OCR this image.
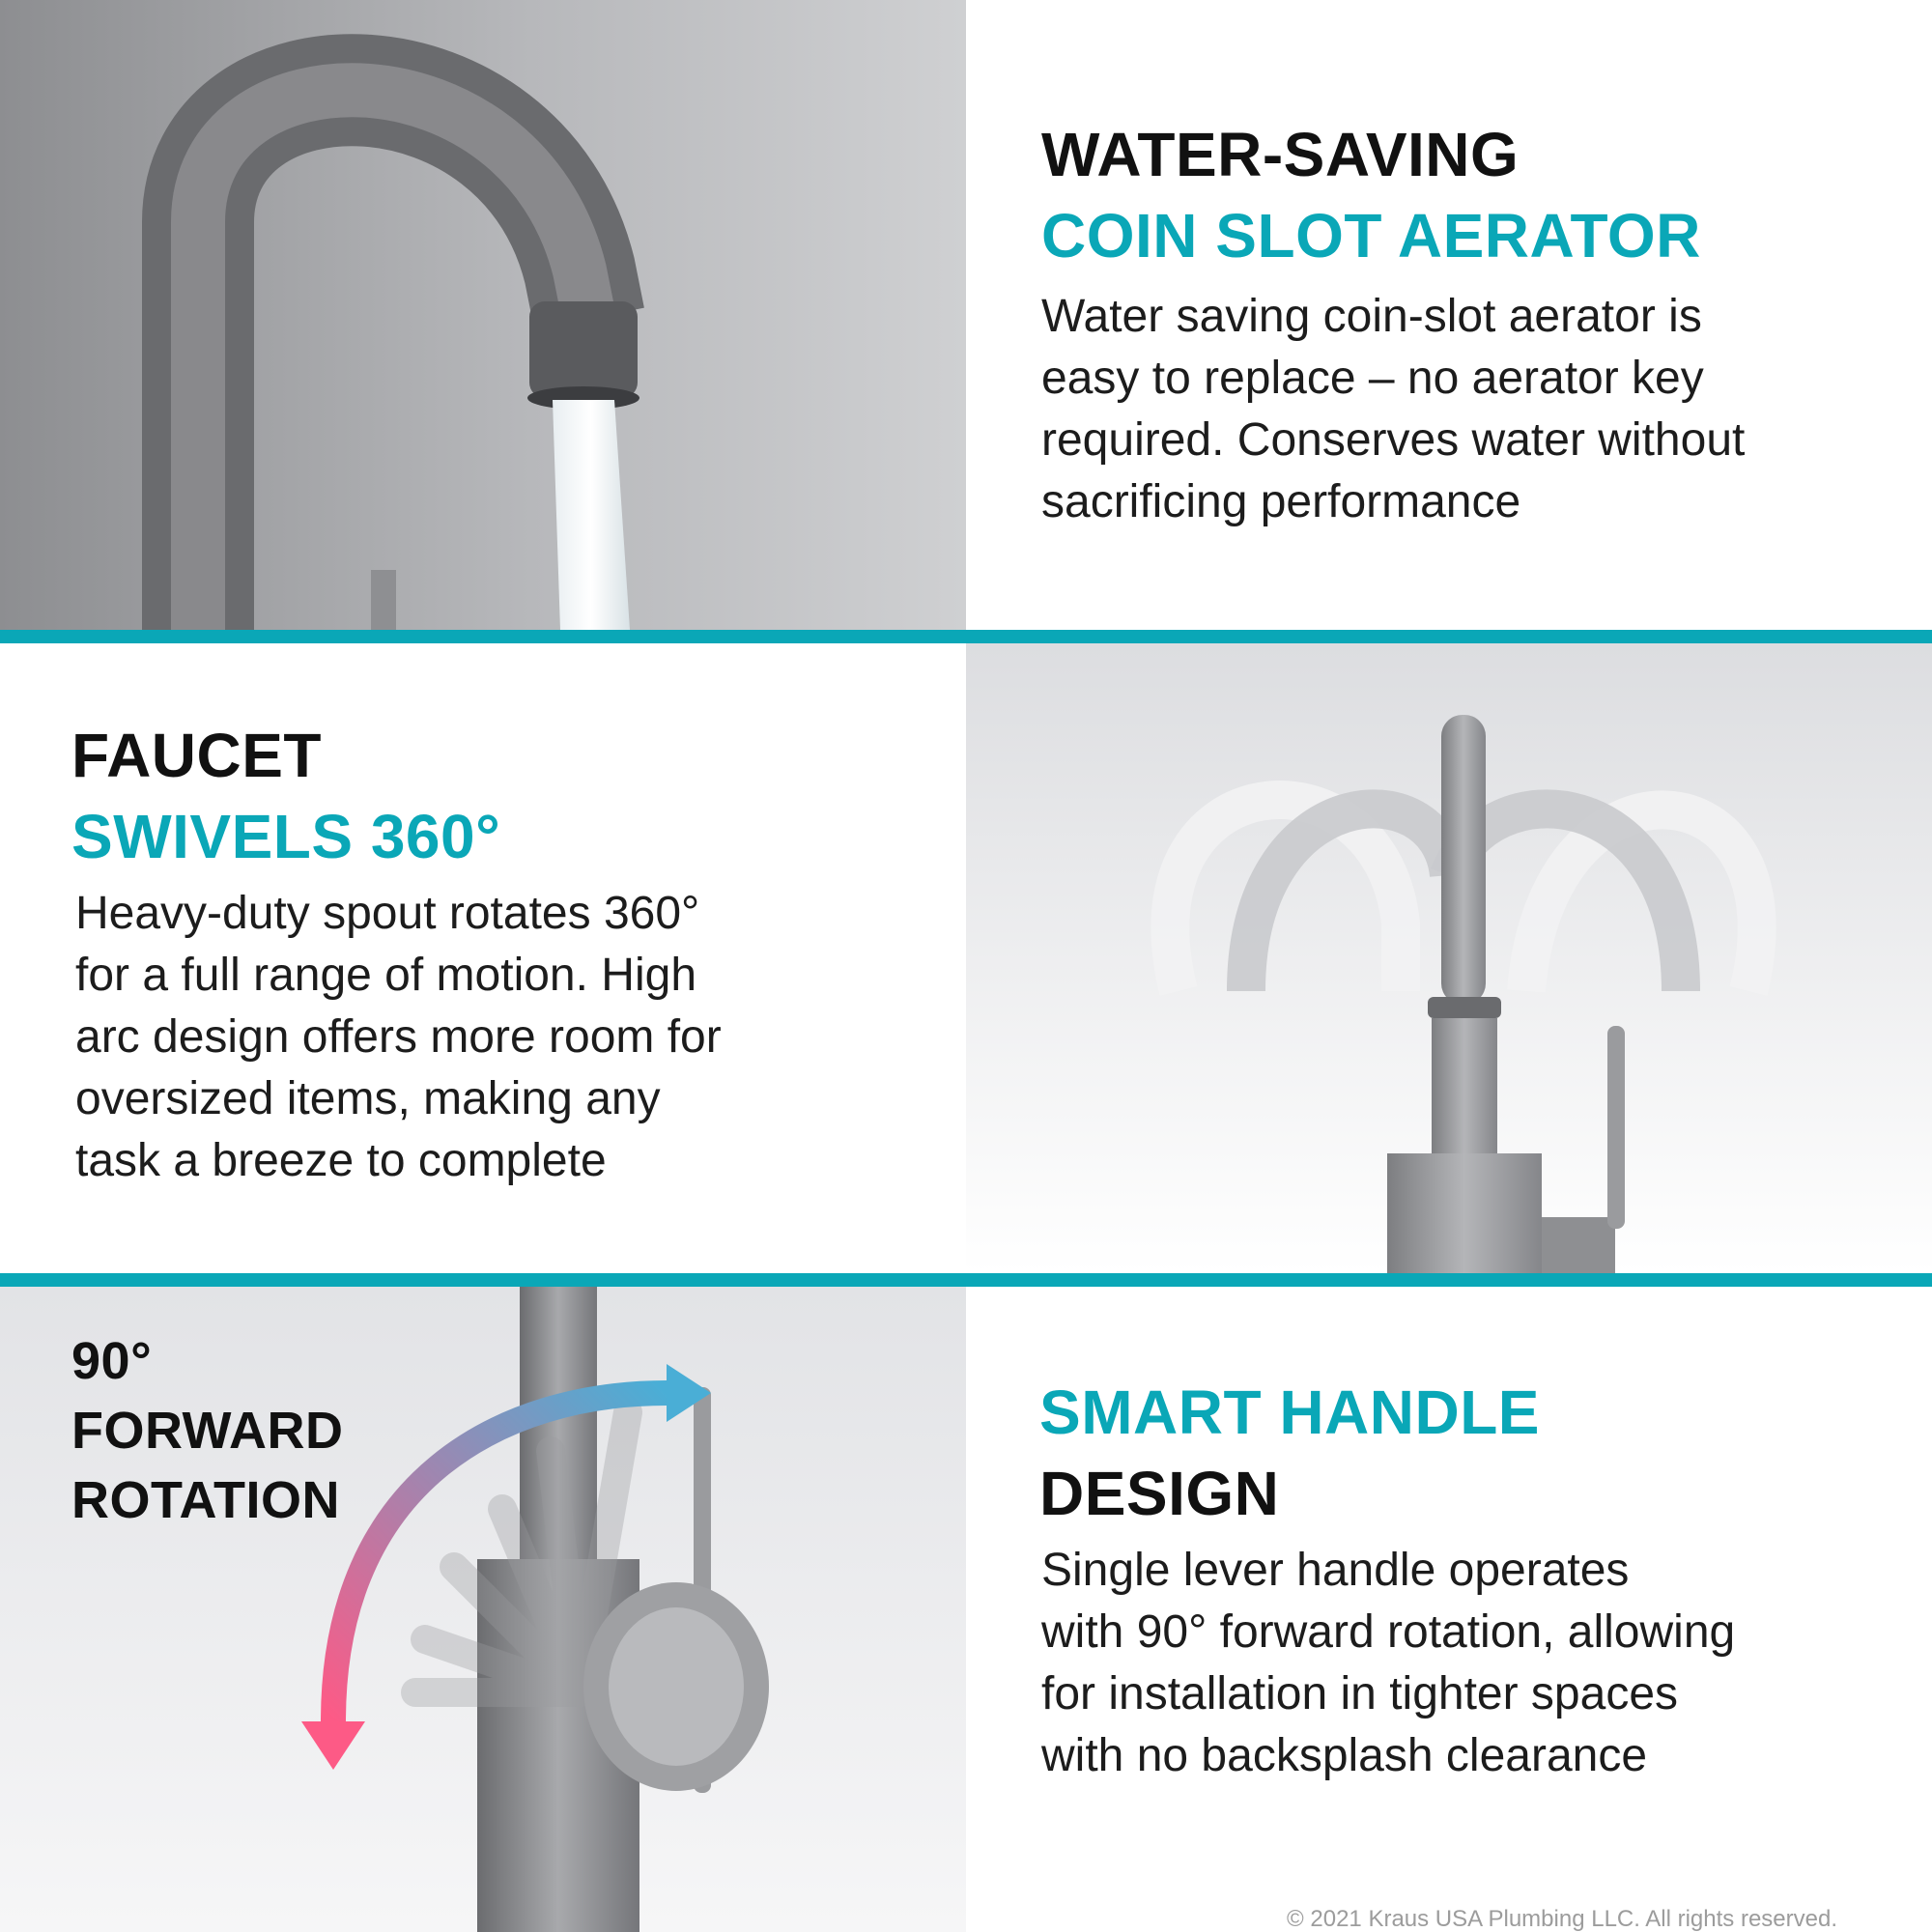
WATER-SAVING
COIN SLOT AERATOR

Water saving coin-slot aerator is

easy to replace – no aerator key

required. Conserves water without

sacrificing performance

FAUCET
SWIVELS 360°

Heavy-duty spout rotates 360°

for a full range of motion. High

arc design offers more room for

oversized items, making any

task a breeze to complete

90°
FORWARD
ROTATION
SMART HANDLE
DESIGN

Single lever handle operates

with 90° forward rotation, allowing

for installation in tighter spaces

with no backsplash clearance

© 2021 Kraus USA Plumbing LLC. All rights reserved.
